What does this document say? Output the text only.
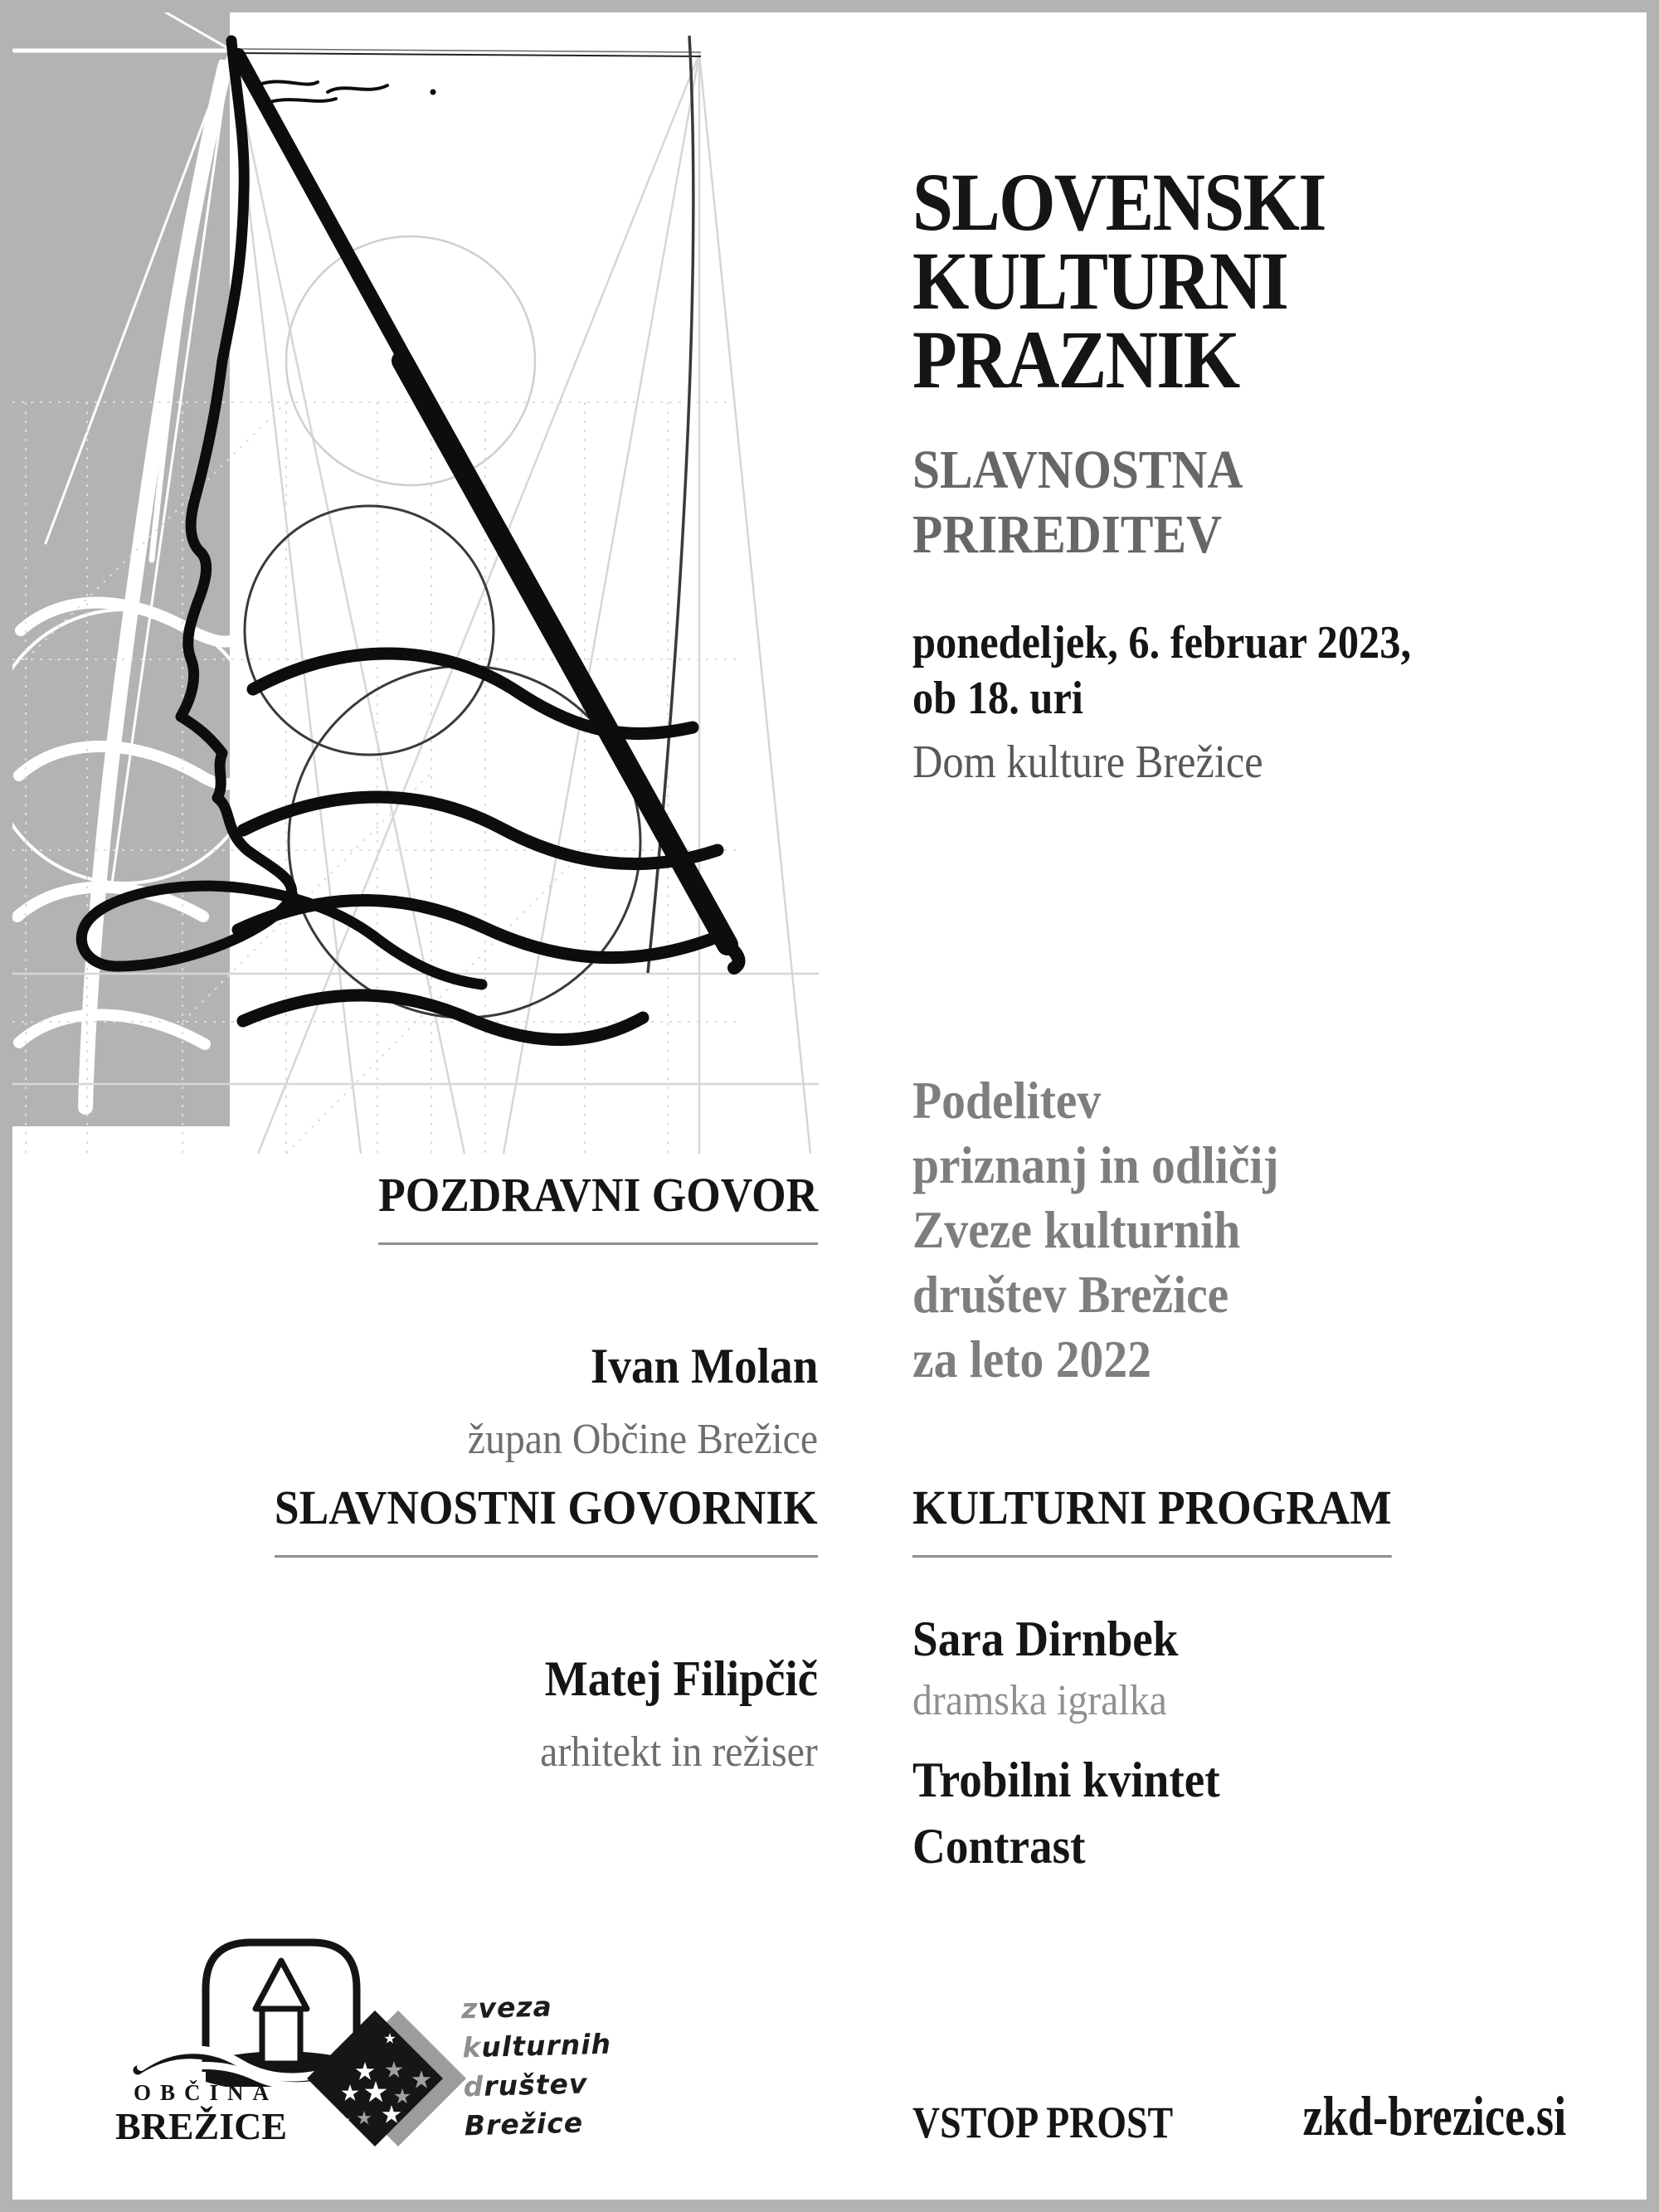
SLOVENSKI
KULTURNI
PRAZNIK
SLAVNOSTNA
PRIREDITEV
ponedeljek, 6. februar 2023,
ob 18. uri
Dom kulture Brežice
Podelitev
priznanj in odličij
Zveze kulturnih
društev Brežice
za leto 2022
POZDRAVNI GOVOR
Ivan Molan
župan Občine Brežice
SLAVNOSTNI GOVORNIK
Matej Filipčič
arhitekt in režiser
KULTURNI PROGRAM
Sara Dirnbek
dramska igralka
Trobilni kvintet
Contrast
OBČINA
BREŽICE
zveza
kulturnih
društev
Brežice	VSTOP PROST zkd-brezice.si
